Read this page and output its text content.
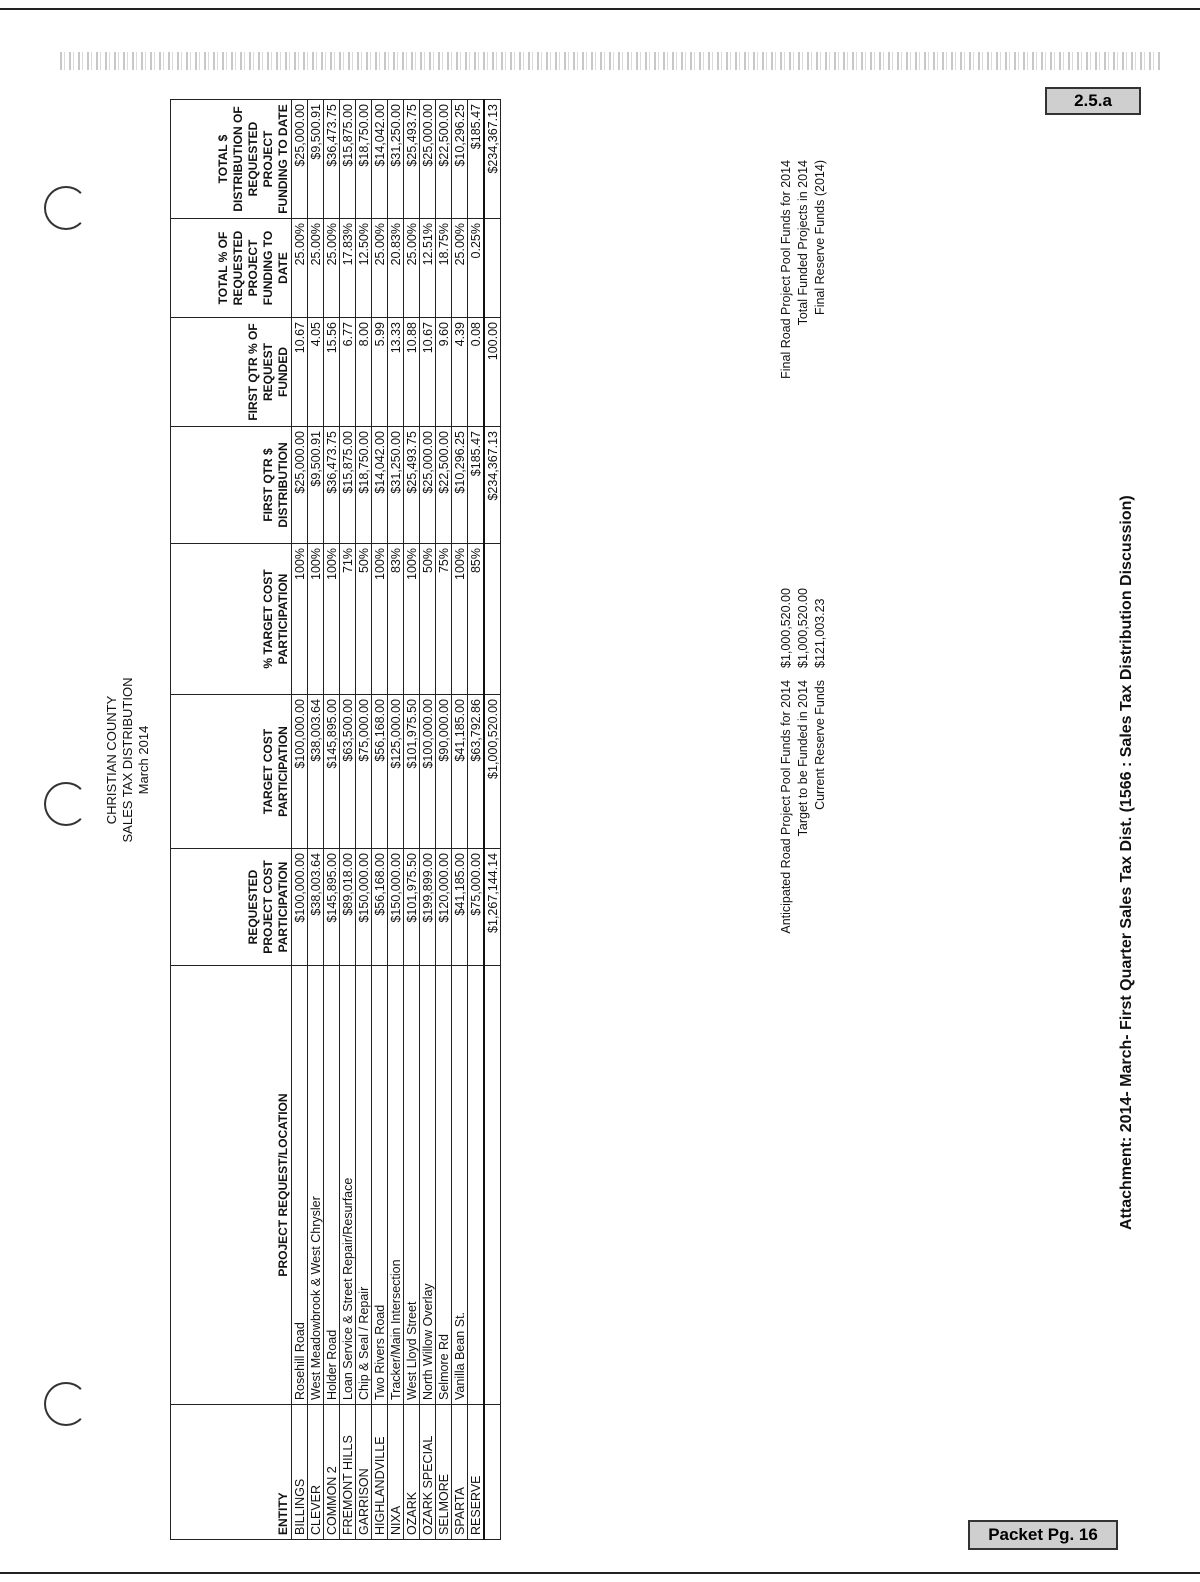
2.5.a
Packet Pg. 16
CHRISTIAN COUNTY SALES TAX DISTRIBUTION March 2014
ENTITY	PROJECT REQUEST/LOCATION	REQUESTED PROJECT COST PARTICIPATION	TARGET COST PARTICIPATION	% TARGET COST PARTICIPATION	FIRST QTR $ DISTRIBUTION	FIRST QTR % OF REQUEST FUNDED	TOTAL % OF REQUESTED PROJECT FUNDING TO DATE	TOTAL $ DISTRIBUTION OF REQUESTED PROJECT FUNDING TO DATE
BILLINGS	Rosehill Road	$100,000.00	$100,000.00	100%	$25,000.00	10.67	25.00%	$25,000.00
CLEVER	West Meadowbrook & West Chrysler	$38,003.64	$38,003.64	100%	$9,500.91	4.05	25.00%	$9,500.91
COMMON 2	Holder Road	$145,895.00	$145,895.00	100%	$36,473.75	15.56	25.00%	$36,473.75
FREMONT HILLS	Loan Service & Street Repair/Resurface	$89,018.00	$63,500.00	71%	$15,875.00	6.77	17.83%	$15,875.00
GARRISON	Chip & Seal / Repair	$150,000.00	$75,000.00	50%	$18,750.00	8.00	12.50%	$18,750.00
HIGHLANDVILLE	Two Rivers Road	$56,168.00	$56,168.00	100%	$14,042.00	5.99	25.00%	$14,042.00
NIXA	Tracker/Main Intersection	$150,000.00	$125,000.00	83%	$31,250.00	13.33	20.83%	$31,250.00
OZARK	West Lloyd Street	$101,975.50	$101,975.50	100%	$25,493.75	10.88	25.00%	$25,493.75
OZARK SPECIAL	North Willow Overlay	$199,899.00	$100,000.00	50%	$25,000.00	10.67	12.51%	$25,000.00
SELMORE	Selmore Rd	$120,000.00	$90,000.00	75%	$22,500.00	9.60	18.75%	$22,500.00
SPARTA	Vanilla Bean St.	$41,185.00	$41,185.00	100%	$10,296.25	4.39	25.00%	$10,296.25
RESERVE		$75,000.00	$63,792.86	85%	$185.47	0.08	0.25%	$185.47
		$1,267,144.14	$1,000,520.00		$234,367.13	100.00		$234,367.13
Anticipated Road Project Pool Funds for 2014
$1,000,520.00
Target to be Funded in 2014
$1,000,520.00
Current Reserve Funds
$121,003.23
Final Road Project Pool Funds for 2014 Total Funded Projects in 2014 Final Reserve Funds (2014)
Attachment: 2014- March- First Quarter Sales Tax Dist. (1566 : Sales Tax Distribution Discussion)
